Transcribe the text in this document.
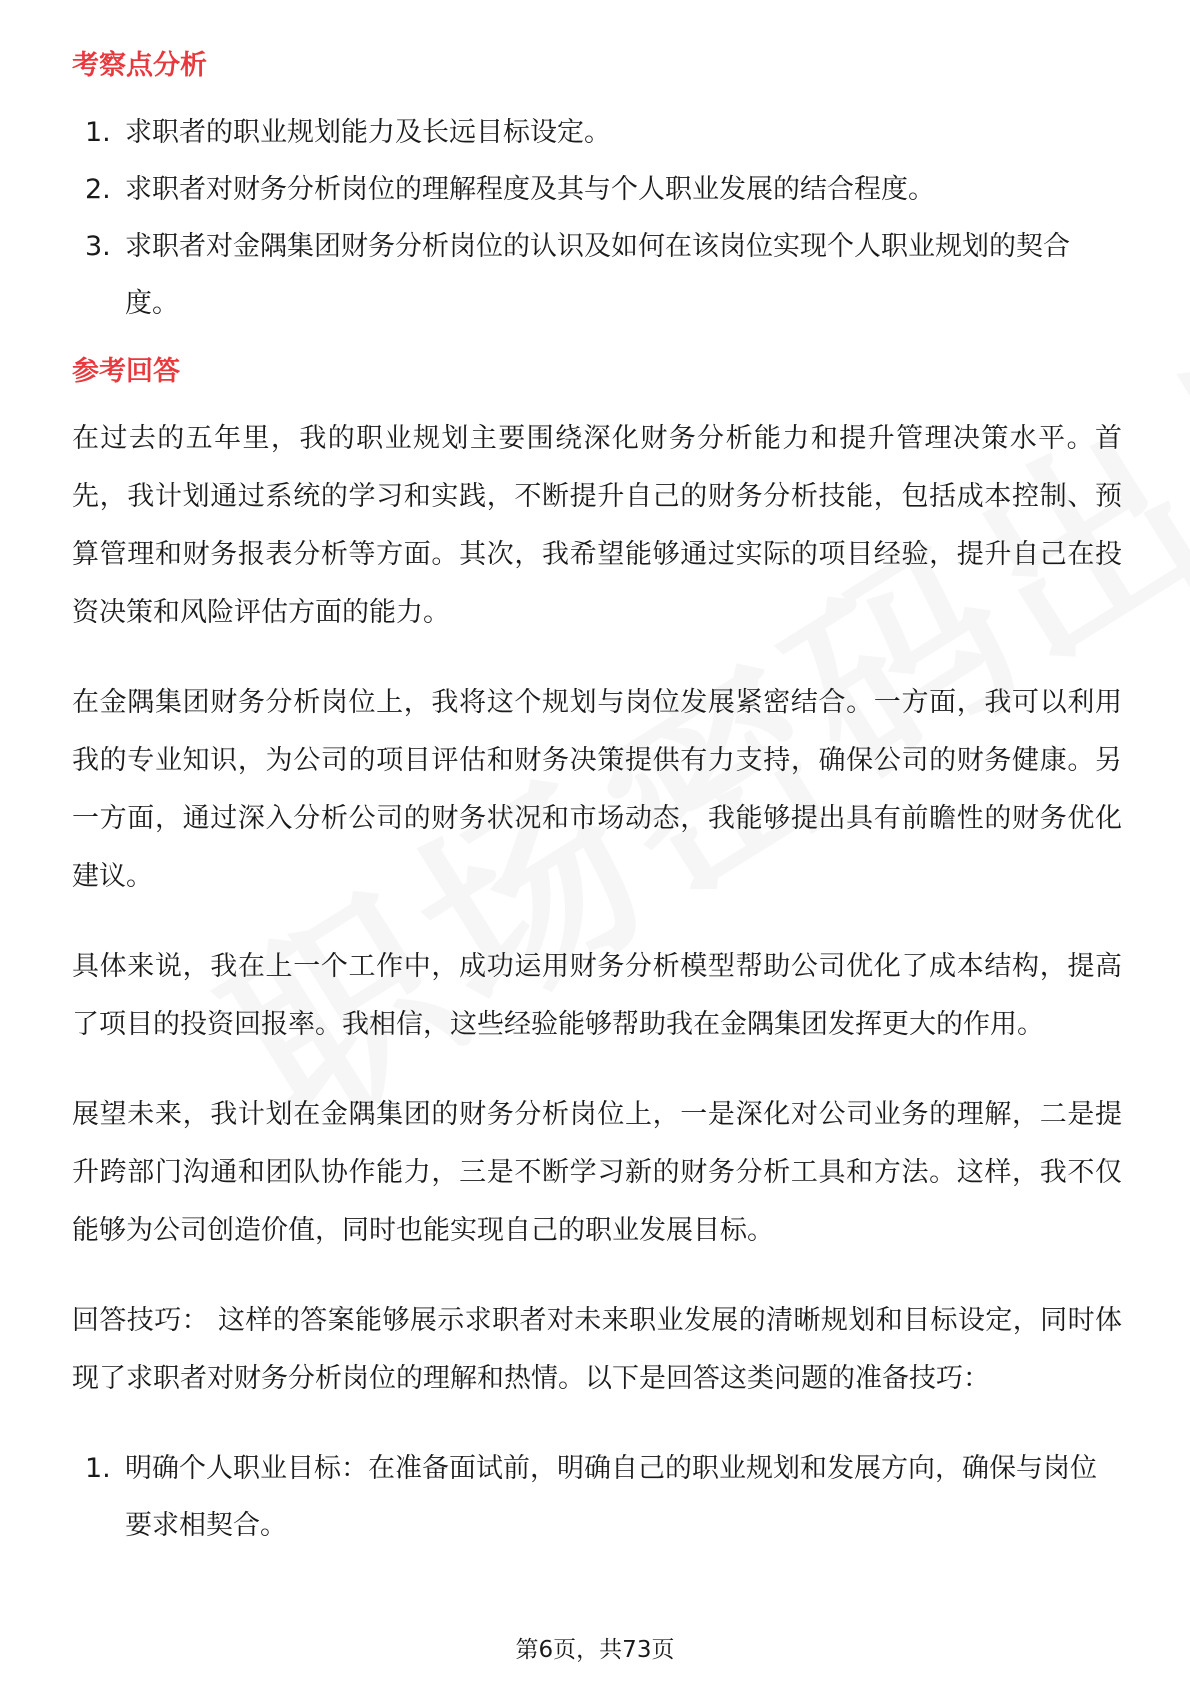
考察点分析
1. 求职者的职业规划能力及长远目标设定。
2. 求职者对财务分析岗位的理解程度及其与个人职业发展的结合程度。
3. 求职者对金隅集团财务分析岗位的认识及如何在该岗位实现个人职业规划的契合度。
参考回答

在过去的五年里，我的职业规划主要围绕深化财务分析能力和提升管理决策水平。首先，我计划通过系统的学习和实践，不断提升自己的财务分析技能，包括成本控制、预算管理和财务报表分析等方面。其次，我希望能够通过实际的项目经验，提升自己在投资决策和风险评估方面的能力。

在金隅集团财务分析岗位上，我将这个规划与岗位发展紧密结合。一方面，我可以利用我的专业知识，为公司的项目评估和财务决策提供有力支持，确保公司的财务健康。另一方面，通过深入分析公司的财务状况和市场动态，我能够提出具有前瞻性的财务优化建议。

具体来说，我在上一个工作中，成功运用财务分析模型帮助公司优化了成本结构，提高了项目的投资回报率。我相信，这些经验能够帮助我在金隅集团发挥更大的作用。

展望未来，我计划在金隅集团的财务分析岗位上，一是深化对公司业务的理解，二是提升跨部门沟通和团队协作能力，三是不断学习新的财务分析工具和方法。这样，我不仅能够为公司创造价值，同时也能实现自己的职业发展目标。

回答技巧： 这样的答案能够展示求职者对未来职业发展的清晰规划和目标设定，同时体现了求职者对财务分析岗位的理解和热情。以下是回答这类问题的准备技巧：

1. 明确个人职业目标：在准备面试前，明确自己的职业规划和发展方向，确保与岗位要求相契合。
第6页，共73页
